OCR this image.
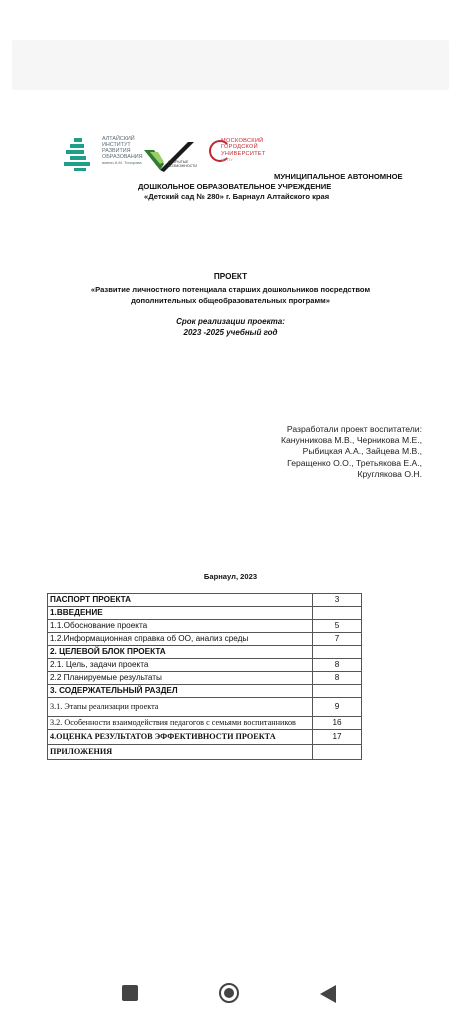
АЛТАЙСКИЙ
ИНСТИТУТ
РАЗВИТИЯ
ОБРАЗОВАНИЯ
имени А.М. Топорова	ОТКРЫТЫЕ ВОЗМОЖНОСТИ
МОСКОВСКИЙ
ГОРОДСКОЙ
УНИВЕРСИТЕТ
МГПУ
МУНИЦИПАЛЬНОЕ АВТОНОМНОЕ
ДОШКОЛЬНОЕ ОБРАЗОВАТЕЛЬНОЕ УЧРЕЖДЕНИЕ
«Детский сад № 280» г. Барнаул Алтайского края
ПРОЕКТ
«Развитие личностного потенциала старших дошкольников посредством
дополнительных общеобразовательных программ»
Срок реализации проекта:
2023 -2025 учебный год
Разработали проект воспитатели:
Канунникова М.В., Черникова М.Е.,
Рыбицкая А.А., Зайцева М.В.,
Геращенко О.О., Третьякова Е.А.,
Круглякова О.Н.
Барнаул, 2023
ПАСПОРТ ПРОЕКТА	3
1.ВВЕДЕНИЕ	
1.1.Обоснование проекта	5
1.2.Информационная справка об ОО, анализ среды	7
2. ЦЕЛЕВОЙ БЛОК ПРОЕКТА	
2.1. Цель, задачи проекта	8
2.2 Планируемые результаты	8
3. СОДЕРЖАТЕЛЬНЫЙ РАЗДЕЛ	
3.1. Этапы реализации проекта	9
3.2. Особенности взаимодействия педагогов с семьями воспитанников	16
4.ОЦЕНКА РЕЗУЛЬТАТОВ ЭФФЕКТИВНОСТИ ПРОЕКТА	17
ПРИЛОЖЕНИЯ	
